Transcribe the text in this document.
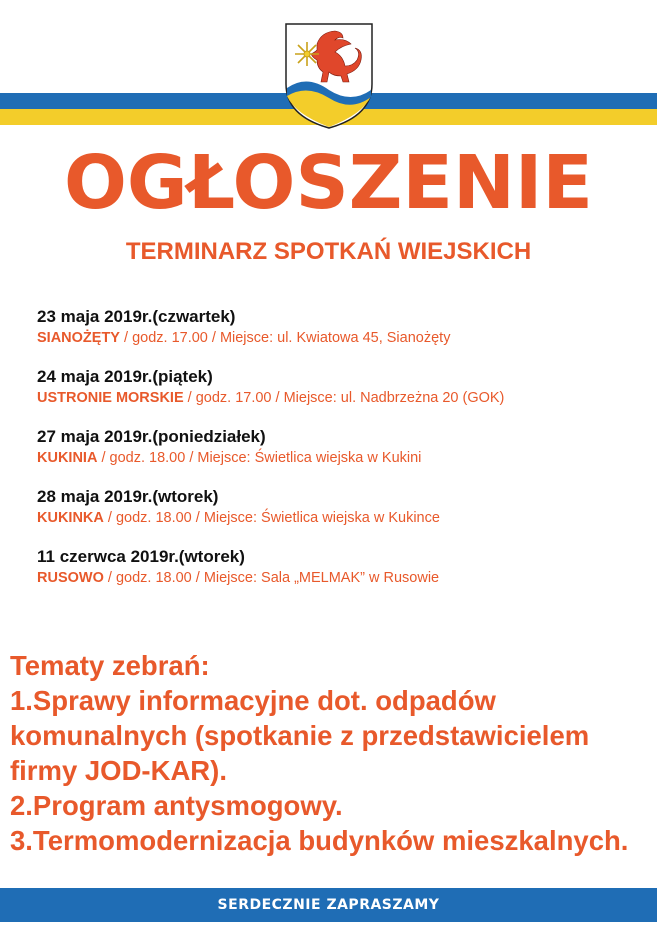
OGŁOSZENIE
TERMINARZ SPOTKAŃ WIEJSKICH
23 maja 2019r.(czwartek)
SIANOŻĘTY / godz. 17.00 / Miejsce: ul. Kwiatowa 45, Sianożęty
24 maja 2019r.(piątek)
USTRONIE MORSKIE / godz. 17.00 / Miejsce: ul. Nadbrzeżna 20 (GOK)
27 maja 2019r.(poniedziałek)
KUKINIA / godz. 18.00 / Miejsce: Świetlica wiejska w Kukini
28 maja 2019r.(wtorek)
KUKINKA / godz. 18.00 / Miejsce: Świetlica wiejska w Kukince
11 czerwca 2019r.(wtorek)
RUSOWO / godz. 18.00 / Miejsce: Sala „MELMAK” w Rusowie
Tematy zebrań:
1.Sprawy informacyjne dot. odpadów
komunalnych (spotkanie z przedstawicielem
firmy JOD-KAR).
2.Program antysmogowy.
3.Termomodernizacja budynków mieszkalnych.
SERDECZNIE ZAPRASZAMY
